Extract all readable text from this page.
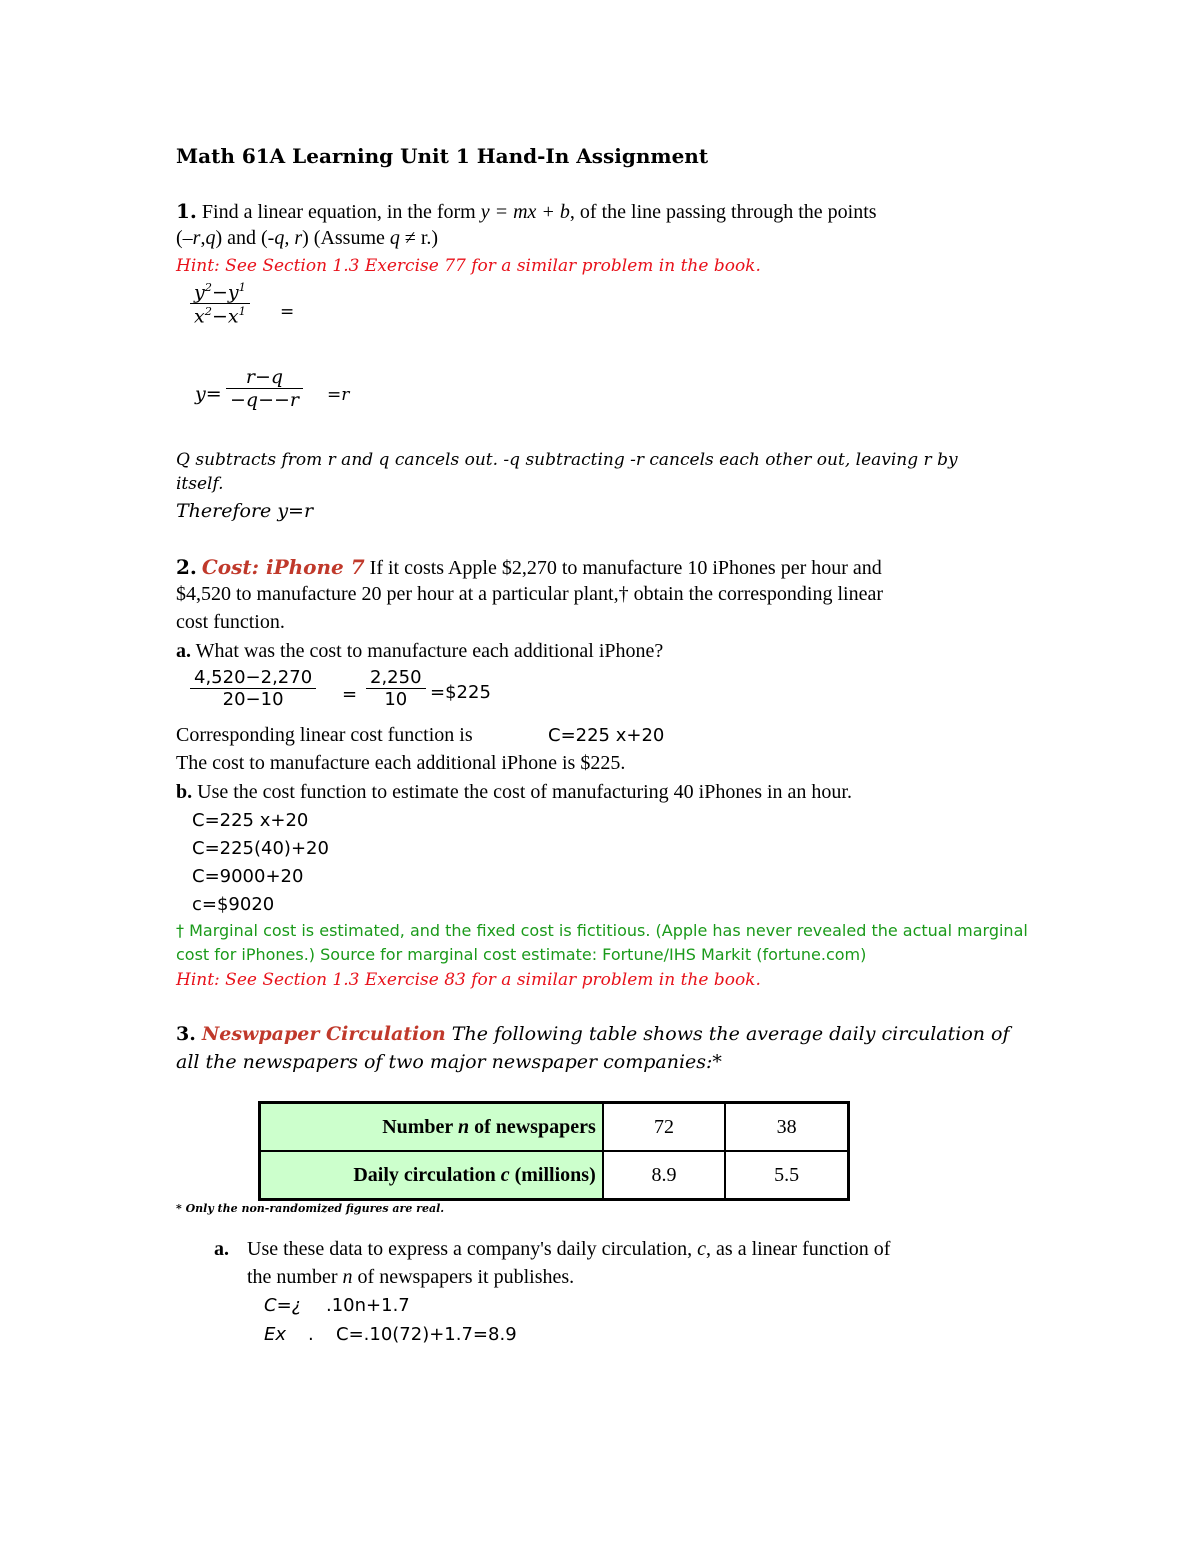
Math 61A Learning Unit 1 Hand-In Assignment
1. Find a linear equation, in the form y = mx + b, of the line passing through the points
(–r,q) and (-q, r) (Assume q ≠ r.)
Hint: See Section 1.3 Exercise 77 for a similar problem in the book.
$\frac{y^2-y^1}{x^2-x^1}$ =
$y= \frac{r-q}{-q--r} =r$
Q subtracts from r and q cancels out. -q subtracting -r cancels each other out, leaving r by
itself.
Therefore y=r
2. Cost: iPhone 7 If it costs Apple $2,270 to manufacture 10 iPhones per hour and
$4,520 to manufacture 20 per hour at a particular plant,† obtain the corresponding linear
cost function.
a. What was the cost to manufacture each additional iPhone?
$\frac{4,520-2,270}{20-10} = \frac{2,250}{10}$ =$225
Corresponding linear cost function is	C=225 x+20
The cost to manufacture each additional iPhone is $225.
b. Use the cost function to estimate the cost of manufacturing 40 iPhones in an hour.
C=225 x+20
C=225(40)+20
C=9000+20
c=$9020
† Marginal cost is estimated, and the fixed cost is fictitious. (Apple has never revealed the actual marginal
cost for iPhones.) Source for marginal cost estimate: Fortune/IHS Markit (fortune.com)
Hint: See Section 1.3 Exercise 83 for a similar problem in the book.
3. Neswpaper Circulation The following table shows the average daily circulation of
all the newspapers of two major newspaper companies:*
Number n of newspapers	72	38
Daily circulation c (millions)	8.9	5.5
* Only the non-randomized figures are real.
a. Use these data to express a company's daily circulation, c, as a linear function of
the number n of newspapers it publishes.
C=¿ .10n+1.7
Ex . C=.10(72)+1.7=8.9
